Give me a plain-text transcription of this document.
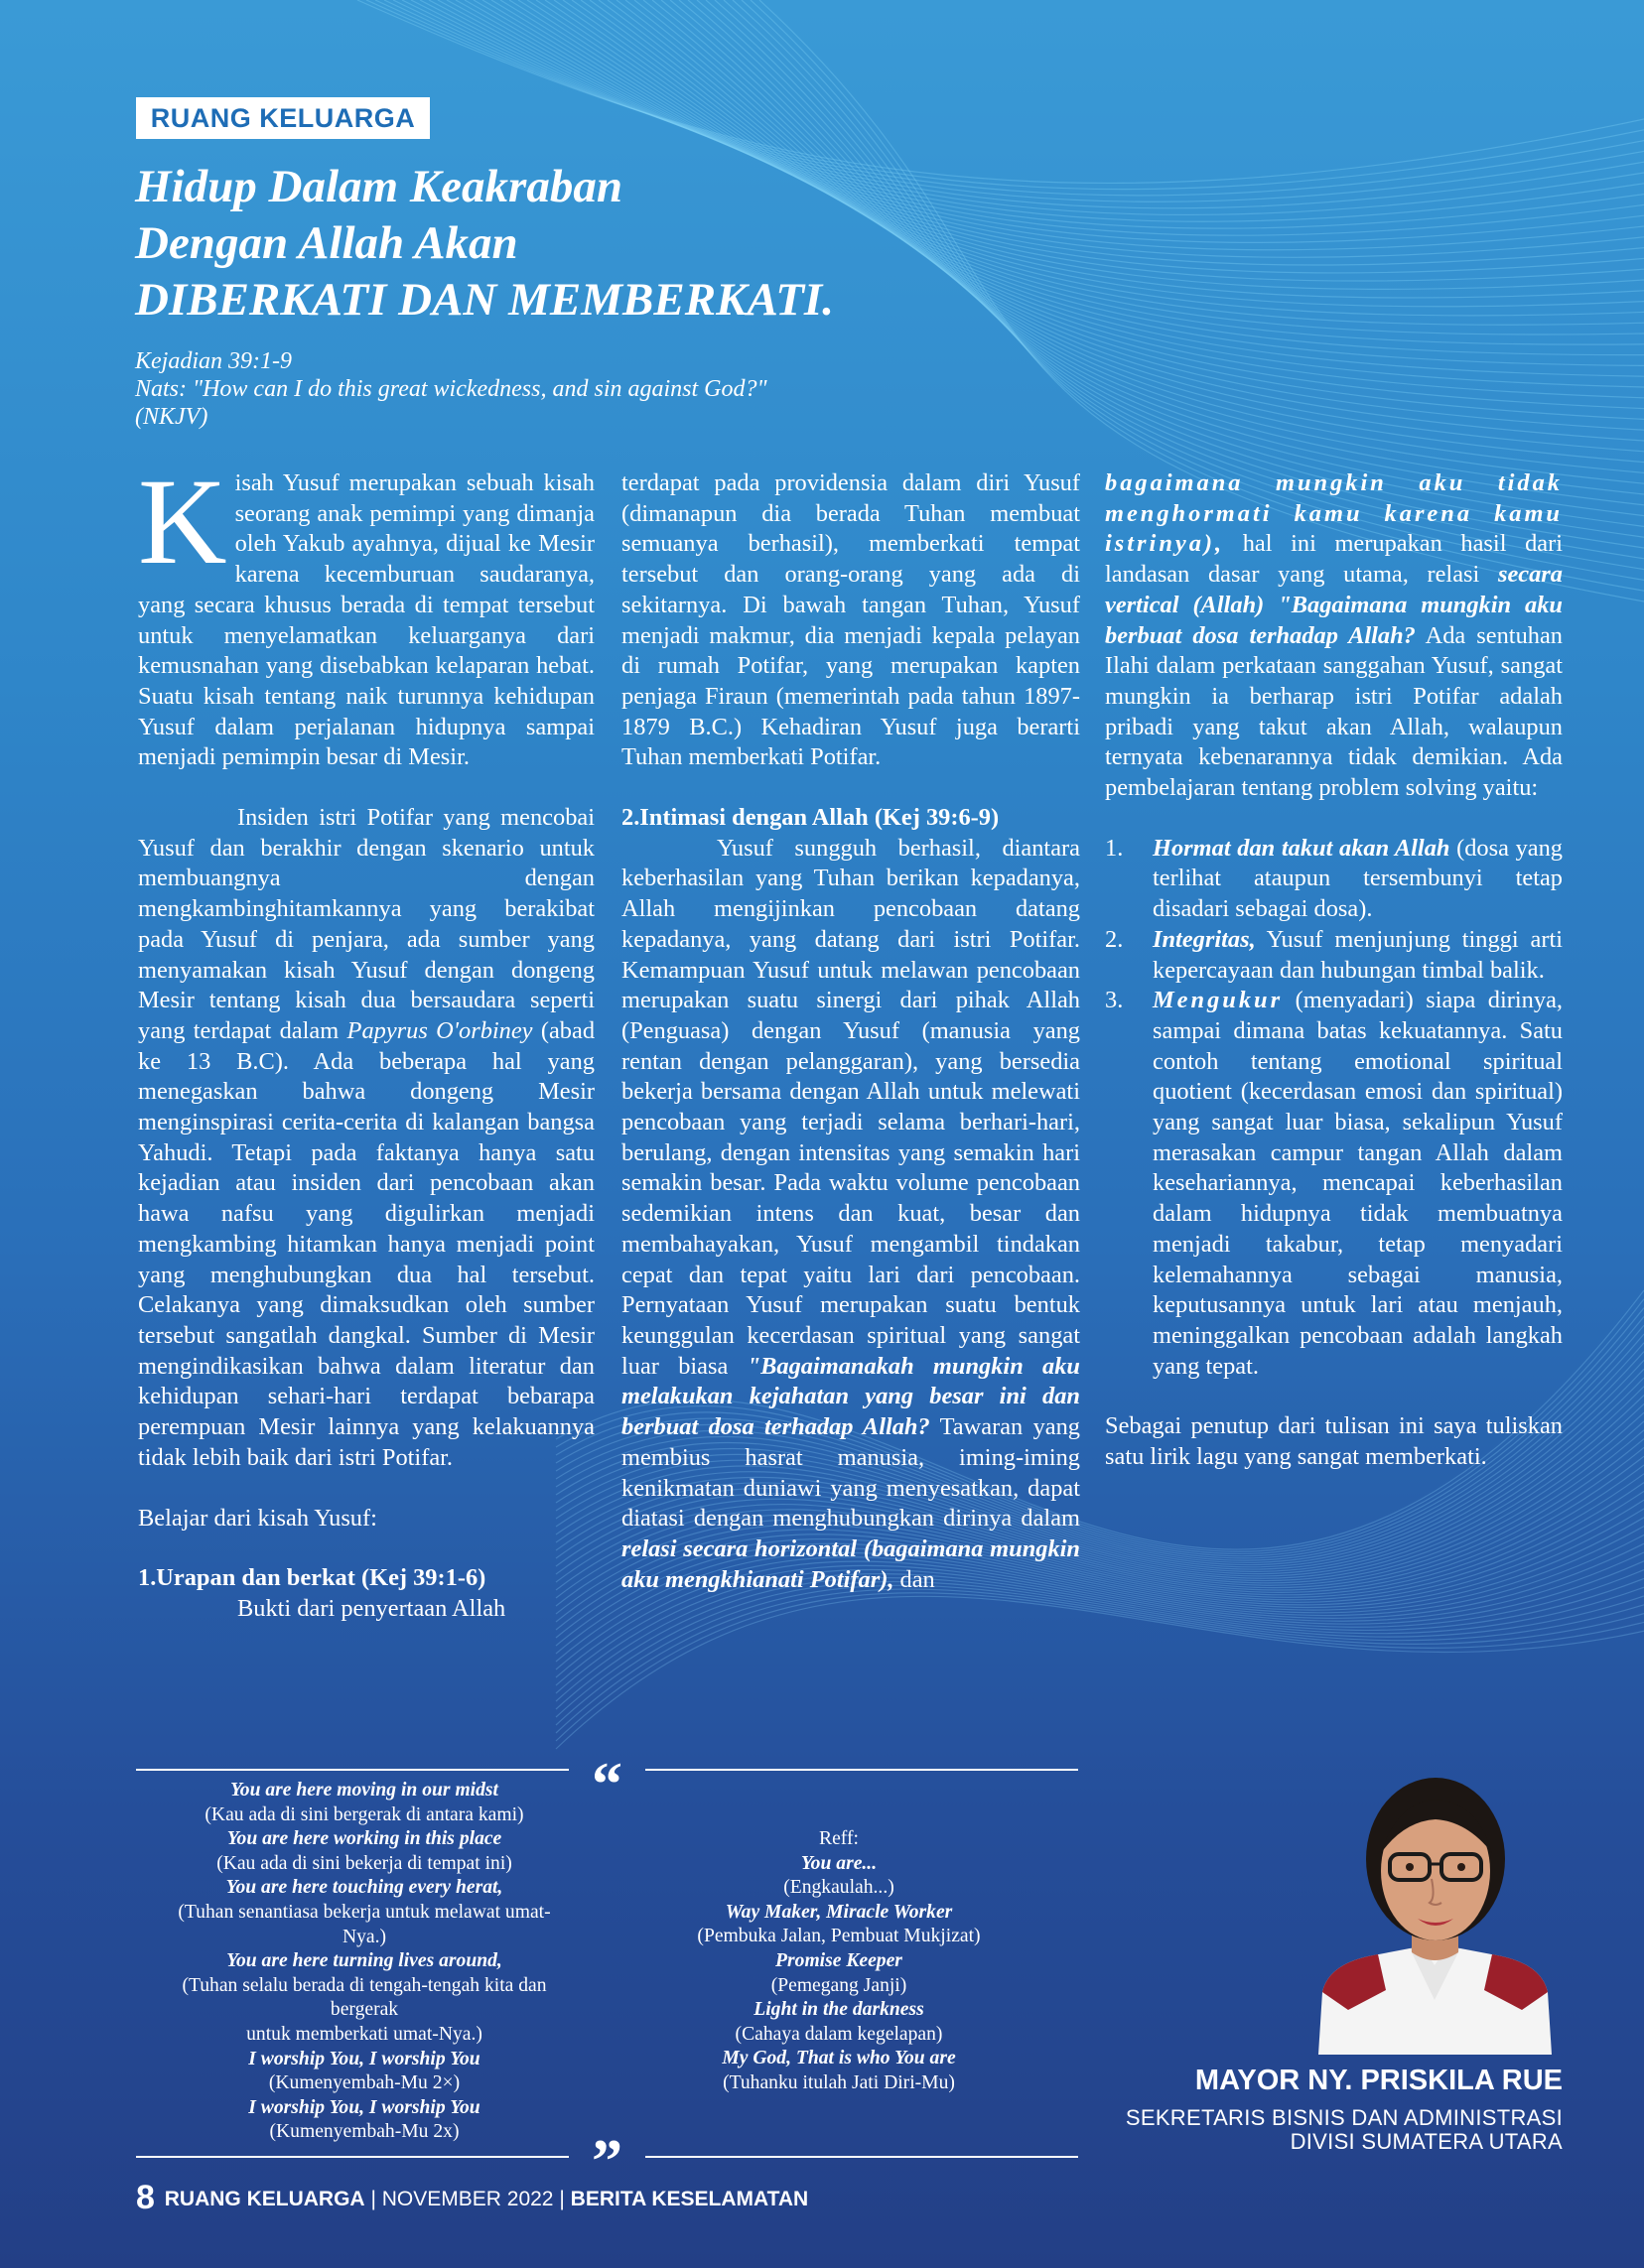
RUANG KELUARGA
Hidup Dalam Keakraban
Dengan Allah Akan
DIBERKATI DAN MEMBERKATI.
Kejadian 39:1-9
Nats: "How can I do this great wickedness, and sin against God?"
(NKJV)

Kisah Yusuf merupakan sebuah kisah seorang anak pemimpi yang dimanja oleh Yakub ayahnya, dijual ke Mesir karena kecemburuan saudaranya, yang secara khusus berada di tempat tersebut untuk menyelamatkan keluarganya dari kemusnahan yang disebabkan kelaparan hebat. Suatu kisah tentang naik turunnya kehidupan Yusuf dalam perjalanan hidupnya sampai menjadi pemimpin besar di Mesir.

Insiden istri Potifar yang mencobai Yusuf dan berakhir dengan skenario untuk membuangnya dengan mengkambinghitamkannya yang berakibat pada Yusuf di penjara, ada sumber yang menyamakan kisah Yusuf dengan dongeng Mesir tentang kisah dua bersaudara seperti yang terdapat dalam Papyrus O'orbiney (abad ke 13 B.C). Ada beberapa hal yang menegaskan bahwa dongeng Mesir menginspirasi cerita-cerita di kalangan bangsa Yahudi. Tetapi pada faktanya hanya satu kejadian atau insiden dari pencobaan akan hawa nafsu yang digulirkan menjadi mengkambing hitamkan hanya menjadi point yang menghubungkan dua hal tersebut. Celakanya yang dimaksudkan oleh sumber tersebut sangatlah dangkal. Sumber di Mesir mengindikasikan bahwa dalam literatur dan kehidupan sehari-hari terdapat bebarapa perempuan Mesir lainnya yang kelakuannya tidak lebih baik dari istri Potifar.

Belajar dari kisah Yusuf:

1.Urapan dan berkat (Kej 39:1-6)

Bukti dari penyertaan Allah

terdapat pada providensia dalam diri Yusuf (dimanapun dia berada Tuhan membuat semuanya berhasil), memberkati tempat tersebut dan orang-orang yang ada di sekitarnya. Di bawah tangan Tuhan, Yusuf menjadi makmur, dia menjadi kepala pelayan di rumah Potifar, yang merupakan kapten penjaga Firaun (memerintah pada tahun 1897-1879 B.C.) Kehadiran Yusuf juga berarti Tuhan memberkati Potifar.

2.Intimasi dengan Allah (Kej 39:6-9)

Yusuf sungguh berhasil, diantara keberhasilan yang Tuhan berikan kepadanya, Allah mengijinkan pencobaan datang kepadanya, yang datang dari istri Potifar. Kemampuan Yusuf untuk melawan pencobaan merupakan suatu sinergi dari pihak Allah (Penguasa) dengan Yusuf (manusia yang rentan dengan pelanggaran), yang bersedia bekerja bersama dengan Allah untuk melewati pencobaan yang terjadi selama berhari-hari, berulang, dengan intensitas yang semakin hari semakin besar. Pada waktu volume pencobaan sedemikian intens dan kuat, besar dan membahayakan, Yusuf mengambil tindakan cepat dan tepat yaitu lari dari pencobaan. Pernyataan Yusuf merupakan suatu bentuk keunggulan kecerdasan spiritual yang sangat luar biasa "Bagaimanakah mungkin aku melakukan kejahatan yang besar ini dan berbuat dosa terhadap Allah? Tawaran yang membius hasrat manusia, iming-iming kenikmatan duniawi yang menyesatkan, dapat diatasi dengan menghubungkan dirinya dalam relasi secara horizontal (bagaimana mungkin aku mengkhianati Potifar), dan

bagaimana mungkin aku tidak menghormati kamu karena kamu istrinya), hal ini merupakan hasil dari landasan dasar yang utama, relasi secara vertical (Allah) "Bagaimana mungkin aku berbuat dosa terhadap Allah? Ada sentuhan Ilahi dalam perkataan sanggahan Yusuf, sangat mungkin ia berharap istri Potifar adalah pribadi yang takut akan Allah, walaupun ternyata kebenarannya tidak demikian. Ada pembelajaran tentang problem solving yaitu:

1. Hormat dan takut akan Allah (dosa yang terlihat ataupun tersembunyi tetap disadari sebagai dosa).
2. Integritas, Yusuf menjunjung tinggi arti kepercayaan dan hubungan timbal balik.
3. Mengukur (menyadari) siapa dirinya, sampai dimana batas kekuatannya. Satu contoh tentang emotional spiritual quotient (kecerdasan emosi dan spiritual) yang sangat luar biasa, sekalipun Yusuf merasakan campur tangan Allah dalam kesehariannya, mencapai keberhasilan dalam hidupnya tidak membuatnya menjadi takabur, tetap menyadari kelemahannya sebagai manusia, keputusannya untuk lari atau menjauh, meninggalkan pencobaan adalah langkah yang tepat.

Sebagai penutup dari tulisan ini saya tuliskan satu lirik lagu yang sangat memberkati.

“
You are here moving in our midst
(Kau ada di sini bergerak di antara kami)
You are here working in this place
(Kau ada di sini bekerja di tempat ini)
You are here touching every herat,
(Tuhan senantiasa bekerja untuk melawat umat-
Nya.)
You are here turning lives around,
(Tuhan selalu berada di tengah-tengah kita dan
bergerak
untuk memberkati umat-Nya.)
I worship You, I worship You
(Kumenyembah-Mu 2×)
I worship You, I worship You
(Kumenyembah-Mu 2x)
Reff:
You are...
(Engkaulah...)
Way Maker, Miracle Worker
(Pembuka Jalan, Pembuat Mukjizat)
Promise Keeper
(Pemegang Janji)
Light in the darkness
(Cahaya dalam kegelapan)
My God, That is who You are
(Tuhanku itulah Jati Diri-Mu)
”
MAYOR NY. PRISKILA RUE
SEKRETARIS BISNIS DAN ADMINISTRASI
DIVISI SUMATERA UTARA
8 RUANG KELUARGA | NOVEMBER 2022 | BERITA KESELAMATAN
